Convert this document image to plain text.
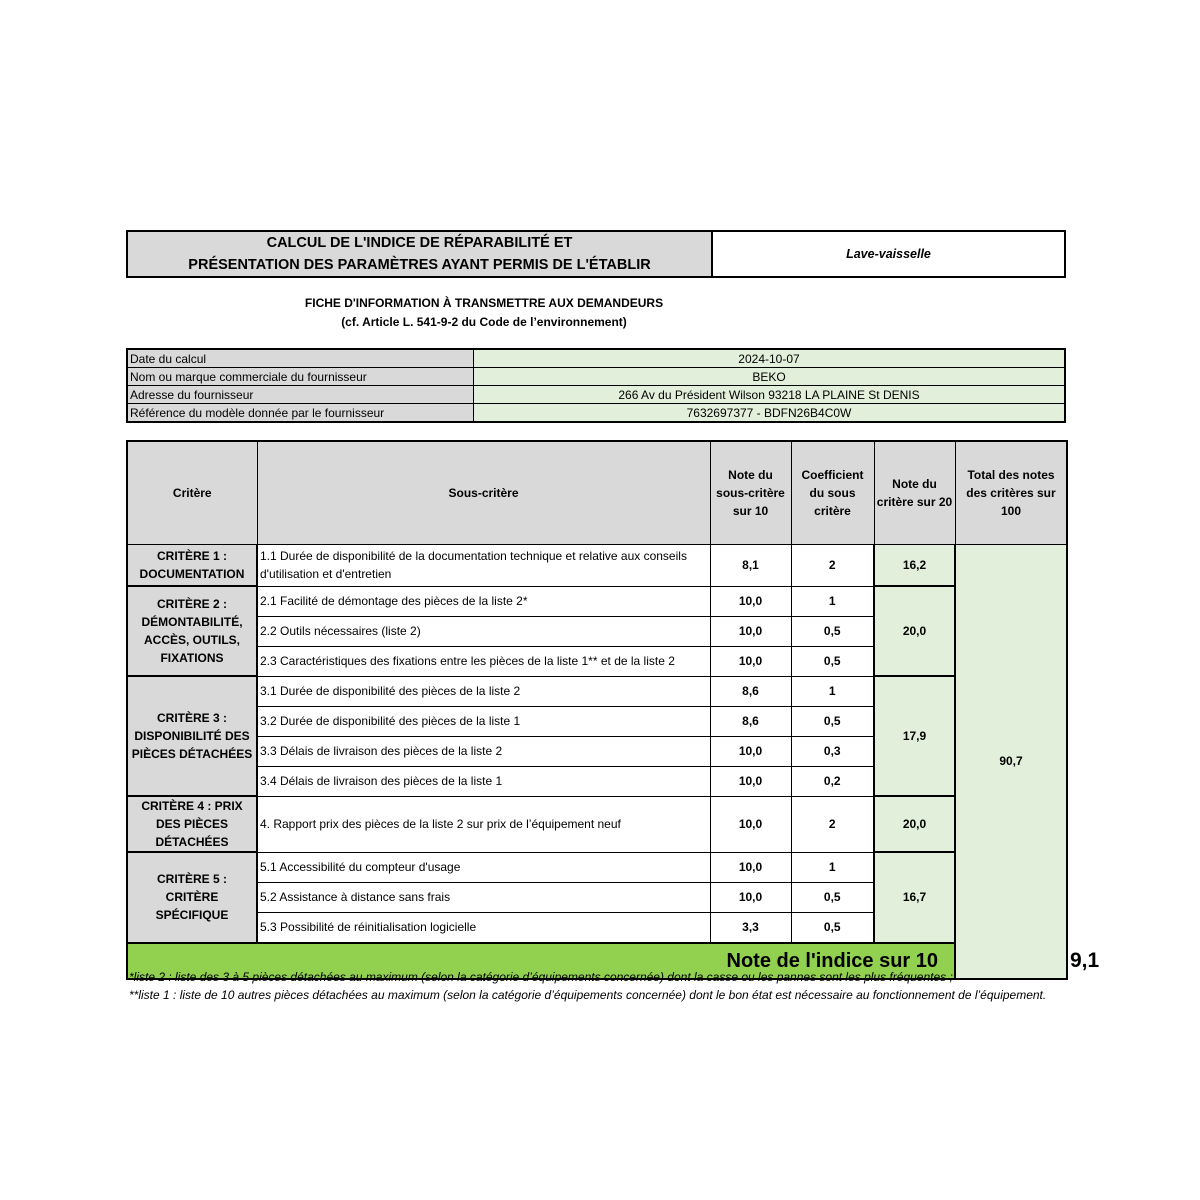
CALCUL DE L'INDICE DE RÉPARABILITÉ ET
PRÉSENTATION DES PARAMÈTRES AYANT PERMIS DE L'ÉTABLIR
Lave-vaisselle
FICHE D'INFORMATION À TRANSMETTRE AUX DEMANDEURS
(cf. Article L. 541-9-2 du Code de l’environnement)
Date du calcul	2024-10-07
Nom ou marque commerciale du fournisseur	BEKO
Adresse du fournisseur	266 Av du Président Wilson 93218 LA PLAINE St DENIS
Référence du modèle donnée par le fournisseur	7632697377 - BDFN26B4C0W
Critère	Sous-critère	Note du sous-critère sur 10	Coefficient du sous critère	Note du critère sur 20	Total des notes des critères sur 100	
CRITÈRE 1 : DOCUMENTATION	1.1 Durée de disponibilité de la documentation technique et relative aux conseils d'utilisation et d'entretien	8,1	2	16,2	90,7	
CRITÈRE 2 : DÉMONTABILITÉ, ACCÈS, OUTILS, FIXATIONS	2.1 Facilité de démontage des pièces de la liste 2*	10,0	1	20,0		
	2.2 Outils nécessaires (liste 2)	10,0	0,5			
	2.3 Caractéristiques des fixations entre les pièces de la liste 1** et de la liste 2	10,0	0,5			
CRITÈRE 3 : DISPONIBILITÉ DES PIÈCES DÉTACHÉES	3.1 Durée de disponibilité des pièces de la liste 2	8,6	1	17,9		
	3.2 Durée de disponibilité des pièces de la liste 1	8,6	0,5			
	3.3 Délais de livraison des pièces de la liste 2	10,0	0,3			
	3.4 Délais de livraison des pièces de la liste 1	10,0	0,2			
CRITÈRE 4 : PRIX DES PIÈCES DÉTACHÉES	4. Rapport prix des pièces de la liste 2 sur prix de l’équipement neuf	10,0	2	20,0		
CRITÈRE 5 : CRITÈRE SPÉCIFIQUE	5.1 Accessibilité du compteur d'usage	10,0	1	16,7		
	5.2 Assistance à distance sans frais	10,0	0,5			
	5.3 Possibilité de réinitialisation logicielle	3,3	0,5			
Note de l'indice sur 10						9,1
*liste 2 : liste des 3 à 5 pièces détachées au maximum (selon la catégorie d’équipements concernée) dont la casse ou les pannes sont les plus fréquentes ;
**liste 1 : liste de 10 autres pièces détachées au maximum (selon la catégorie d’équipements concernée) dont le bon état est nécessaire au fonctionnement de l’équipement.
